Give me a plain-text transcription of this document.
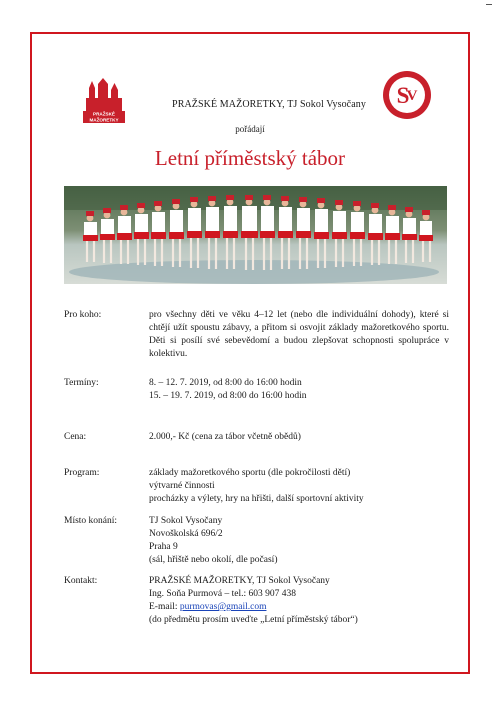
PRAŽSKÉ
MAŽORETKY
S
V
PRAŽSKÉ MAŽORETKY, TJ Sokol Vysočany
pořádají
Letní příměstský tábor
Pro koho:	pro všechny děti ve věku 4–12 let (nebo dle individuální dohody), které si chtějí užít spoustu zábavy, a přitom si osvojit základy mažoretkového sportu. Děti si posílí své sebevědomí a budou zlepšovat schopnosti spolupráce v kolektivu.
Termíny:	8. – 12. 7. 2019, od 8:00 do 16:00 hodin
15. – 19. 7. 2019, od 8:00 do 16:00 hodin
Cena:	2.000,- Kč (cena za tábor včetně obědů)
Program:	základy mažoretkového sportu (dle pokročilosti dětí)
výtvarné činnosti
procházky a výlety, hry na hřišti, další sportovní aktivity
Místo konání:	TJ Sokol Vysočany
Novoškolská 696/2
Praha 9
(sál, hřiště nebo okolí, dle počasí)
Kontakt:	PRAŽSKÉ MAŽORETKY, TJ Sokol Vysočany
Ing. Soňa Purmová – tel.: 603 907 438
E-mail: purmovas@gmail.com
(do předmětu prosím uveďte „Letní příměstský tábor“)
